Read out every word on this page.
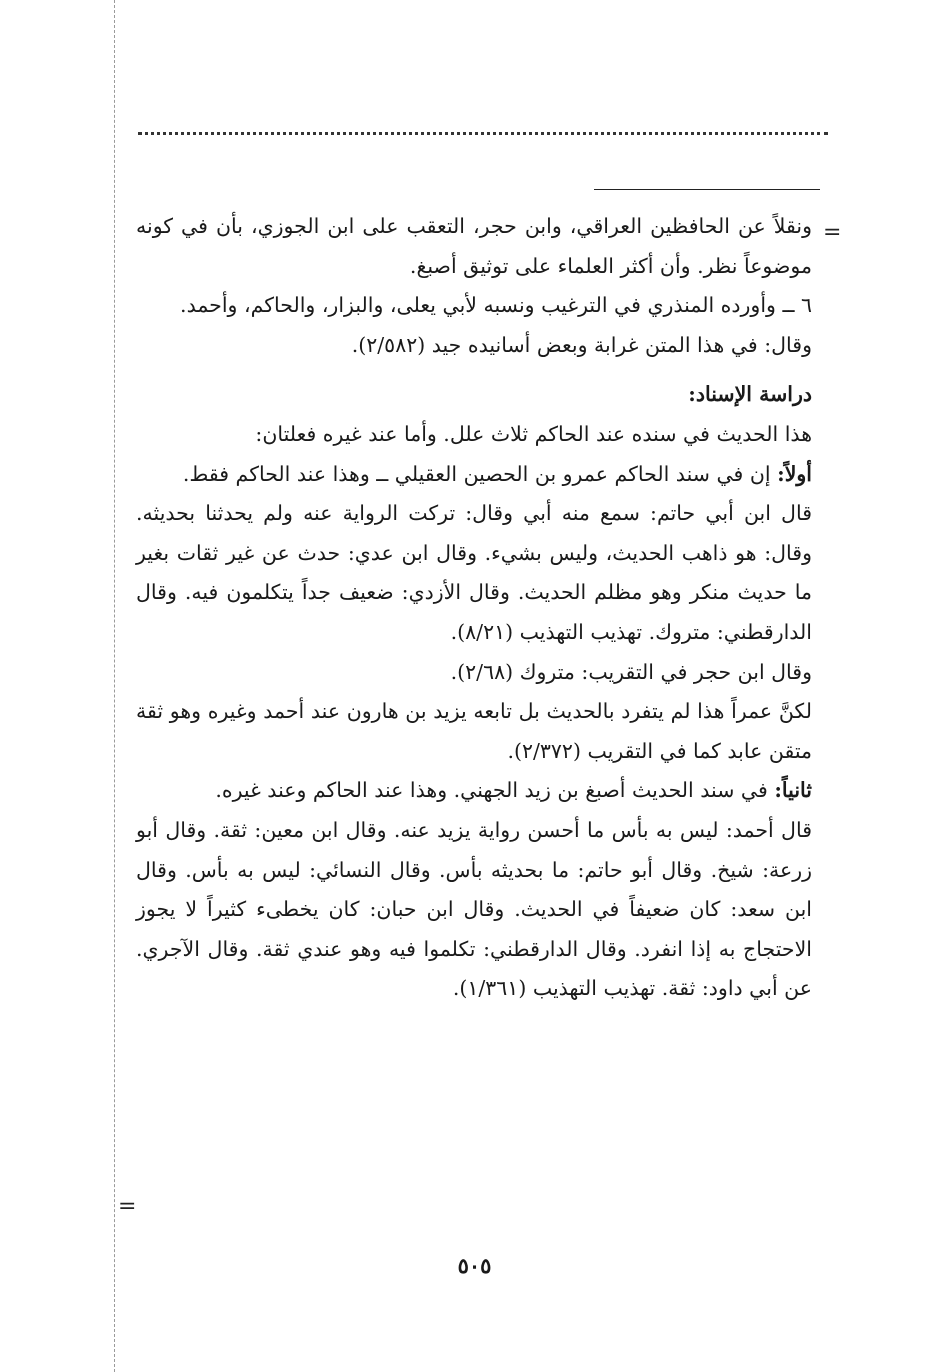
=
=

ونقلاً عن الحافظين العراقي، وابن حجر، التعقب على ابن الجوزي، بأن في كونه موضوعاً نظر. وأن أكثر العلماء على توثيق أصبغ.

٦ ــ وأورده المنذري في الترغيب ونسبه لأبي يعلى، والبزار، والحاكم، وأحمد.

وقال: في هذا المتن غرابة وبعض أسانيده جيد (٢/٥٨٢).

دراسة الإسناد:

هذا الحديث في سنده عند الحاكم ثلاث علل. وأما عند غيره فعلتان:

أولاً: إن في سند الحاكم عمرو بن الحصين العقيلي ــ وهذا عند الحاكم فقط.

قال ابن أبي حاتم: سمع منه أبي وقال: تركت الرواية عنه ولم يحدثنا بحديثه. وقال: هو ذاهب الحديث، وليس بشيء. وقال ابن عدي: حدث عن غير ثقات بغير ما حديث منكر وهو مظلم الحديث. وقال الأزدي: ضعيف جداً يتكلمون فيه. وقال الدارقطني: متروك. تهذيب التهذيب (٨/٢١).

وقال ابن حجر في التقريب: متروك (٢/٦٨).

لكنَّ عمراً هذا لم يتفرد بالحديث بل تابعه يزيد بن هارون عند أحمد وغيره وهو ثقة متقن عابد كما في التقريب (٢/٣٧٢).

ثانياً: في سند الحديث أصبغ بن زيد الجهني. وهذا عند الحاكم وعند غيره.

قال أحمد: ليس به بأس ما أحسن رواية يزيد عنه. وقال ابن معين: ثقة. وقال أبو زرعة: شيخ. وقال أبو حاتم: ما بحديثه بأس. وقال النسائي: ليس به بأس. وقال ابن سعد: كان ضعيفاً في الحديث. وقال ابن حبان: كان يخطىء كثيراً لا يجوز الاحتجاج به إذا انفرد. وقال الدارقطني: تكلموا فيه وهو عندي ثقة. وقال الآجري. عن أبي داود: ثقة. تهذيب التهذيب (١/٣٦١).

٥٠٥
